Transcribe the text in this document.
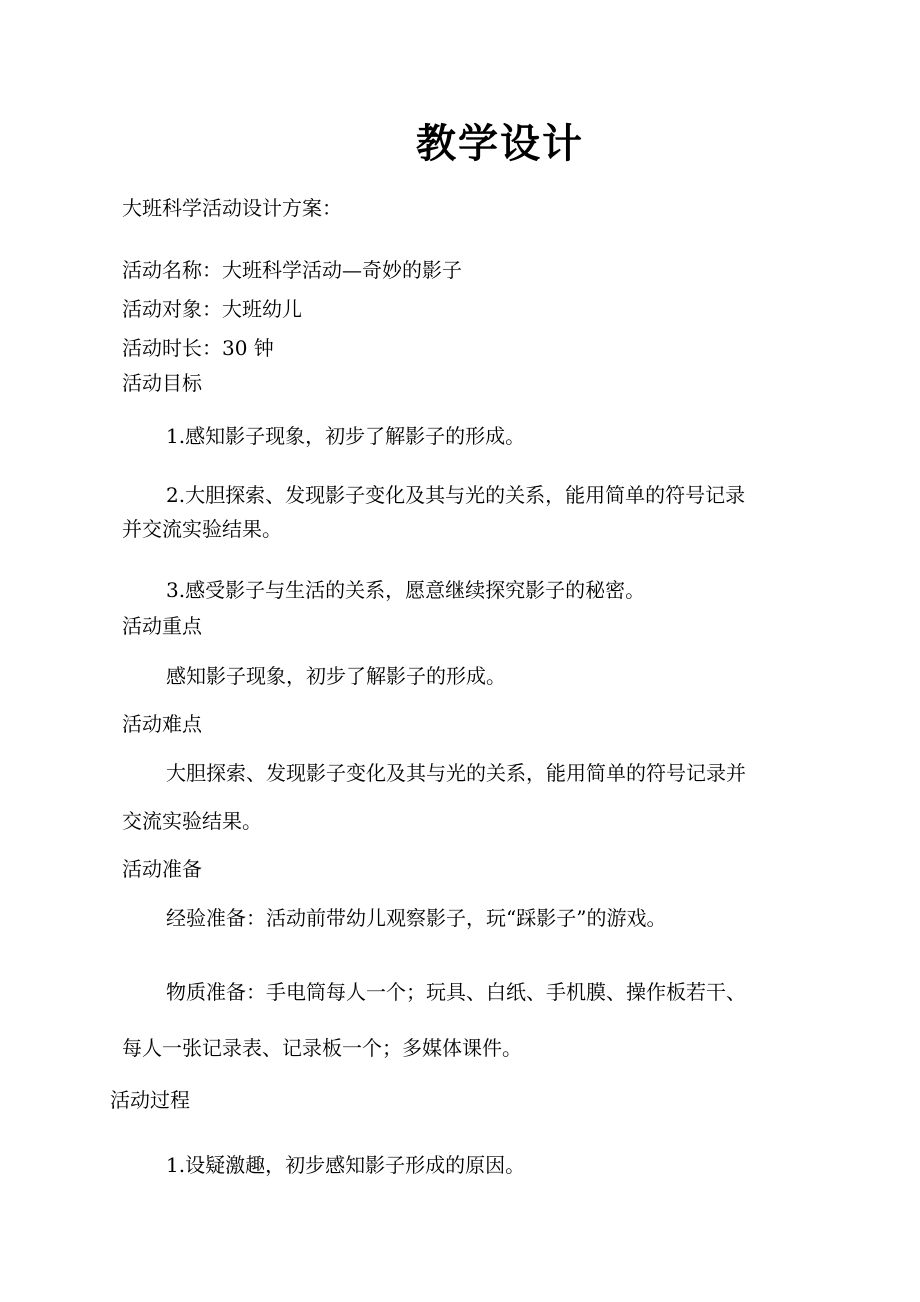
教学设计

大班科学活动设计方案：

活动名称：大班科学活动—奇妙的影子

活动对象：大班幼儿

活动时长：30 钟

活动目标

1.感知影子现象，初步了解影子的形成。

2.大胆探索、发现影子变化及其与光的关系，能用简单的符号记录

并交流实验结果。

3.感受影子与生活的关系，愿意继续探究影子的秘密。

活动重点

感知影子现象，初步了解影子的形成。

活动难点

大胆探索、发现影子变化及其与光的关系，能用简单的符号记录并

交流实验结果。

活动准备

经验准备：活动前带幼儿观察影子，玩“踩影子”的游戏。

物质准备：手电筒每人一个；玩具、白纸、手机膜、操作板若干、

每人一张记录表、记录板一个；多媒体课件。

活动过程

1.设疑激趣，初步感知影子形成的原因。
